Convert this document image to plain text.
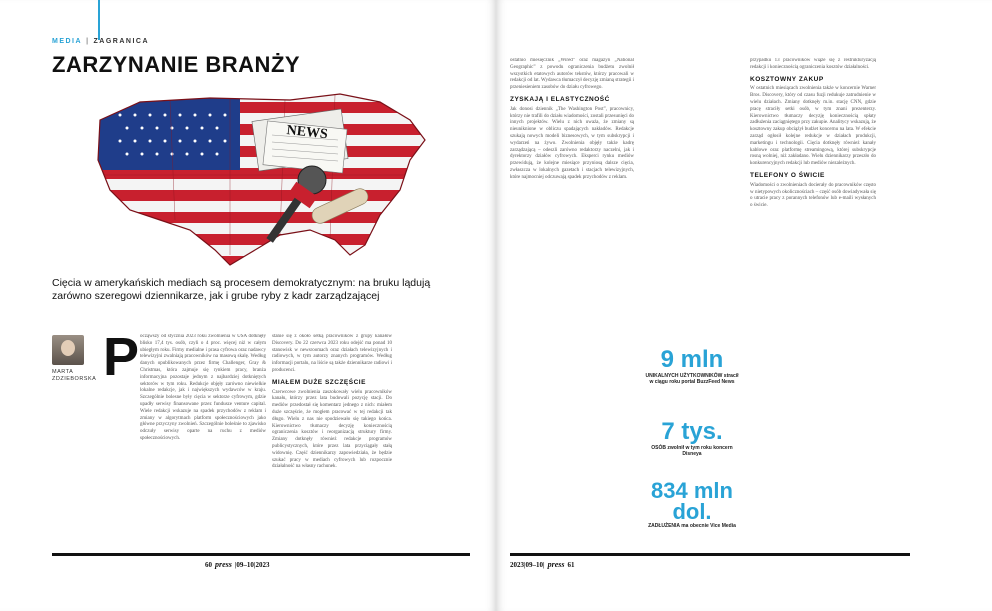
MEDIA | ZAGRANICA
ZARZYNANIE BRANŻY
NEWS
Cięcia w amerykańskich mediach są procesem demokratycznym: na bruku lądują zarówno szeregowi dziennikarze, jak i grube ryby z kadr zarządzającej
MARTA
ZDZIEBORSKA P ocząwszy od stycznia 2023 roku zwolnienia w USA dotknęły blisko 17,4 tys. osób, czyli o 4 proc. więcej niż w całym ubiegłym roku. Firmy medialne i prasa cyfrowa oraz nadawcy telewizyjni zwalniają pracowników na masową skalę. Według danych opublikowanych przez firmę Challenger, Gray & Christmas, która zajmuje się rynkiem pracy, branża informacyjna pozostaje jednym z najbardziej dotkniętych sektorów w tym roku. Redukcje objęły zarówno niewielkie lokalne redakcje, jak i największych wydawców w kraju. Szczególnie bolesne były cięcia w sektorze cyfrowym, gdzie upadły serwisy finansowane przez fundusze venture capital. Wiele redakcji wskazuje na spadek przychodów z reklam i zmiany w algorytmach platform społecznościowych jako główne przyczyny zwolnień. Szczególnie boleśnie to zjawisko odczuły serwisy oparte na ruchu z mediów społecznościowych.

stanie się z około setką pracowników z grupy kanałów Discovery. Do 22 czerwca 2023 roku odejść ma ponad 10 stanowisk w newsroomach oraz działach telewizyjnych i radiowych, w tym autorzy znanych programów. Według informacji portalu, na liście są także dziennikarze radiowi i producenci.

MIAŁEM DUŻE SZCZĘŚCIE

Czerwcowe zwolnienia zaszokowały wielu pracowników kanału, którzy przez lata budowali pozycję stacji. Do mediów przedostał się komentarz jednego z nich: miałem duże szczęście, że mogłem pracować w tej redakcji tak długo. Wielu z nas nie spodziewało się takiego końca. Kierownictwo tłumaczy decyzję koniecznością ograniczenia kosztów i reorganizacją struktury firmy. Zmiany dotknęły również redakcje programów publicystycznych, które przez lata przyciągały stałą widownię. Część dziennikarzy zapowiedziała, że będzie szukać pracy w mediach cyfrowych lub rozpocznie działalność na własny rachunek.

60 press |09–10|2023

ostatnio miesięcznik „Wired” oraz magazyn „National Geographic” z powodu ograniczenia budżetu zwolnił wszystkich etatowych autorów tekstów, którzy pracowali w redakcji od lat. Wydawca tłumaczył decyzję zmianą strategii i przeniesieniem zasobów do działu cyfrowego.

ZYSKAJĄ I ELASTYCZNOŚĆ

Jak donosi dziennik „The Washington Post”, pracownicy, którzy nie trafili do działu wiadomości, zostali przesunięci do innych projektów. Wielu z nich uważa, że zmiany są nieuniknione w obliczu spadających nakładów. Redakcje szukają nowych modeli biznesowych, w tym subskrypcji i wydarzeń na żywo. Zwolnienia objęły także kadrę zarządzającą – odeszli zarówno redaktorzy naczelni, jak i dyrektorzy działów cyfrowych. Eksperci rynku mediów przewidują, że kolejne miesiące przyniosą dalsze cięcia, zwłaszcza w lokalnych gazetach i stacjach telewizyjnych, które najmocniej odczuwają spadek przychodów z reklam.

9 mln
UNIKALNYCH UŻYTKOWNIKÓW stracił w ciągu roku portal BuzzFeed News
7 tys.
OSÓB zwolnił w tym roku koncern Disneya
834 mln dol.
ZADŁUŻENIA ma obecnie Vice Media

przypadku 13 pracowników wiąże się z restrukturyzacją redakcji i koniecznością ograniczenia kosztów działalności.

KOSZTOWNY ZAKUP

W ostatnich miesiącach zwolnienia także w koncernie Warner Bros. Discovery, który od czasu fuzji redukuje zatrudnienie w wielu działach. Zmiany dotknęły m.in. stację CNN, gdzie pracę straciły setki osób, w tym znani prezenterzy. Kierownictwo tłumaczy decyzję koniecznością spłaty zadłużenia zaciągniętego przy zakupie. Analitycy wskazują, że kosztowny zakup obciążył budżet koncernu na lata. W efekcie zarząd ogłosił kolejne redukcje w działach produkcji, marketingu i technologii. Cięcia dotknęły również kanały kablowe oraz platformę streamingową, której subskrypcje rosną wolniej, niż zakładano. Wielu dziennikarzy przeszło do konkurencyjnych redakcji lub mediów niezależnych.

TELEFONY O ŚWICIE

Wiadomości o zwolnieniach docierały do pracowników często w nietypowych okolicznościach – część osób dowiadywała się o utracie pracy z porannych telefonów lub e-maili wysłanych o świcie.

2023|09–10| press 61
